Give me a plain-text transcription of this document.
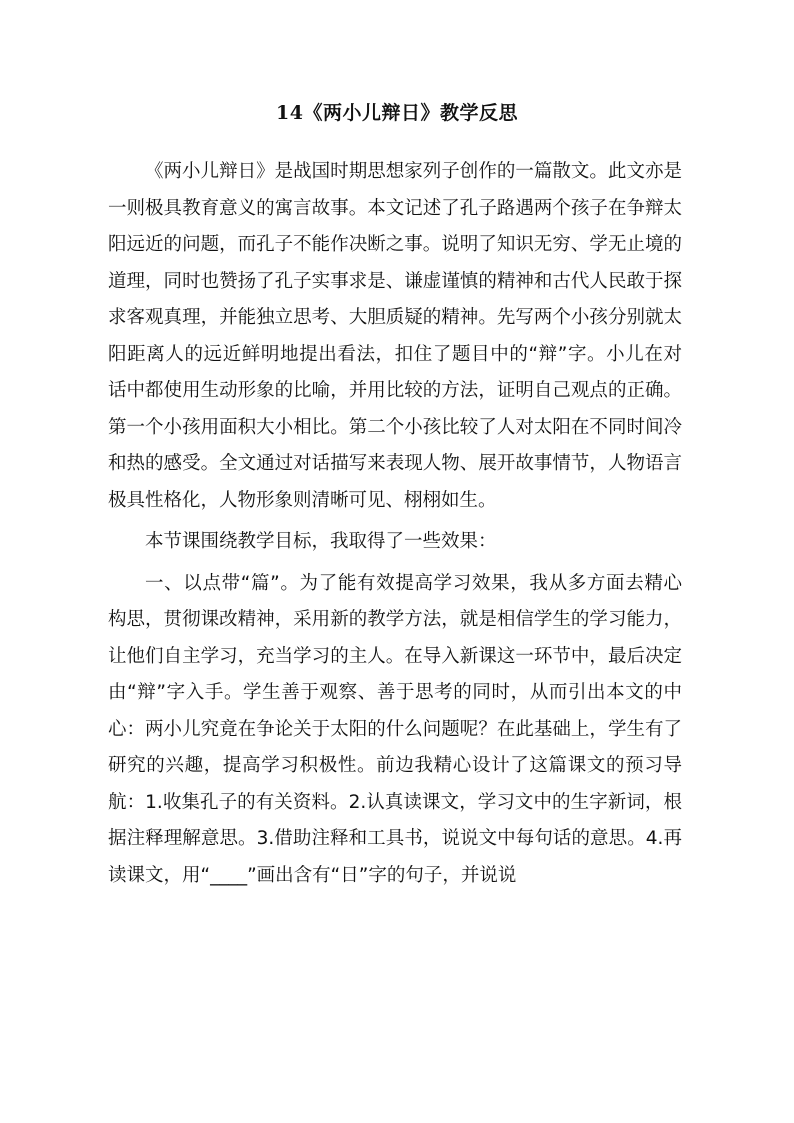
14《两小儿辩日》教学反思

《两小儿辩日》是战国时期思想家列子创作的一篇散文。此文亦是一则极具教育意义的寓言故事。本文记述了孔子路遇两个孩子在争辩太阳远近的问题，而孔子不能作决断之事。说明了知识无穷、学无止境的道理，同时也赞扬了孔子实事求是、谦虚谨慎的精神和古代人民敢于探求客观真理，并能独立思考、大胆质疑的精神。先写两个小孩分别就太阳距离人的远近鲜明地提出看法，扣住了题目中的“辩”字。小儿在对话中都使用生动形象的比喻，并用比较的方法，证明自己观点的正确。第一个小孩用面积大小相比。第二个小孩比较了人对太阳在不同时间冷和热的感受。全文通过对话描写来表现人物、展开故事情节，人物语言极具性格化，人物形象则清晰可见、栩栩如生。

本节课围绕教学目标，我取得了一些效果：

一、以点带“篇”。为了能有效提高学习效果，我从多方面去精心构思，贯彻课改精神，采用新的教学方法，就是相信学生的学习能力，让他们自主学习，充当学习的主人。在导入新课这一环节中，最后决定由“辩”字入手。学生善于观察、善于思考的同时，从而引出本文的中心：两小儿究竟在争论关于太阳的什么问题呢？在此基础上，学生有了研究的兴趣，提高学习积极性。前边我精心设计了这篇课文的预习导航：1.收集孔子的有关资料。2.认真读课文，学习文中的生字新词，根据注释理解意思。3.借助注释和工具书，说说文中每句话的意思。4.再读课文，用“____”画出含有“日”字的句子，并说说
